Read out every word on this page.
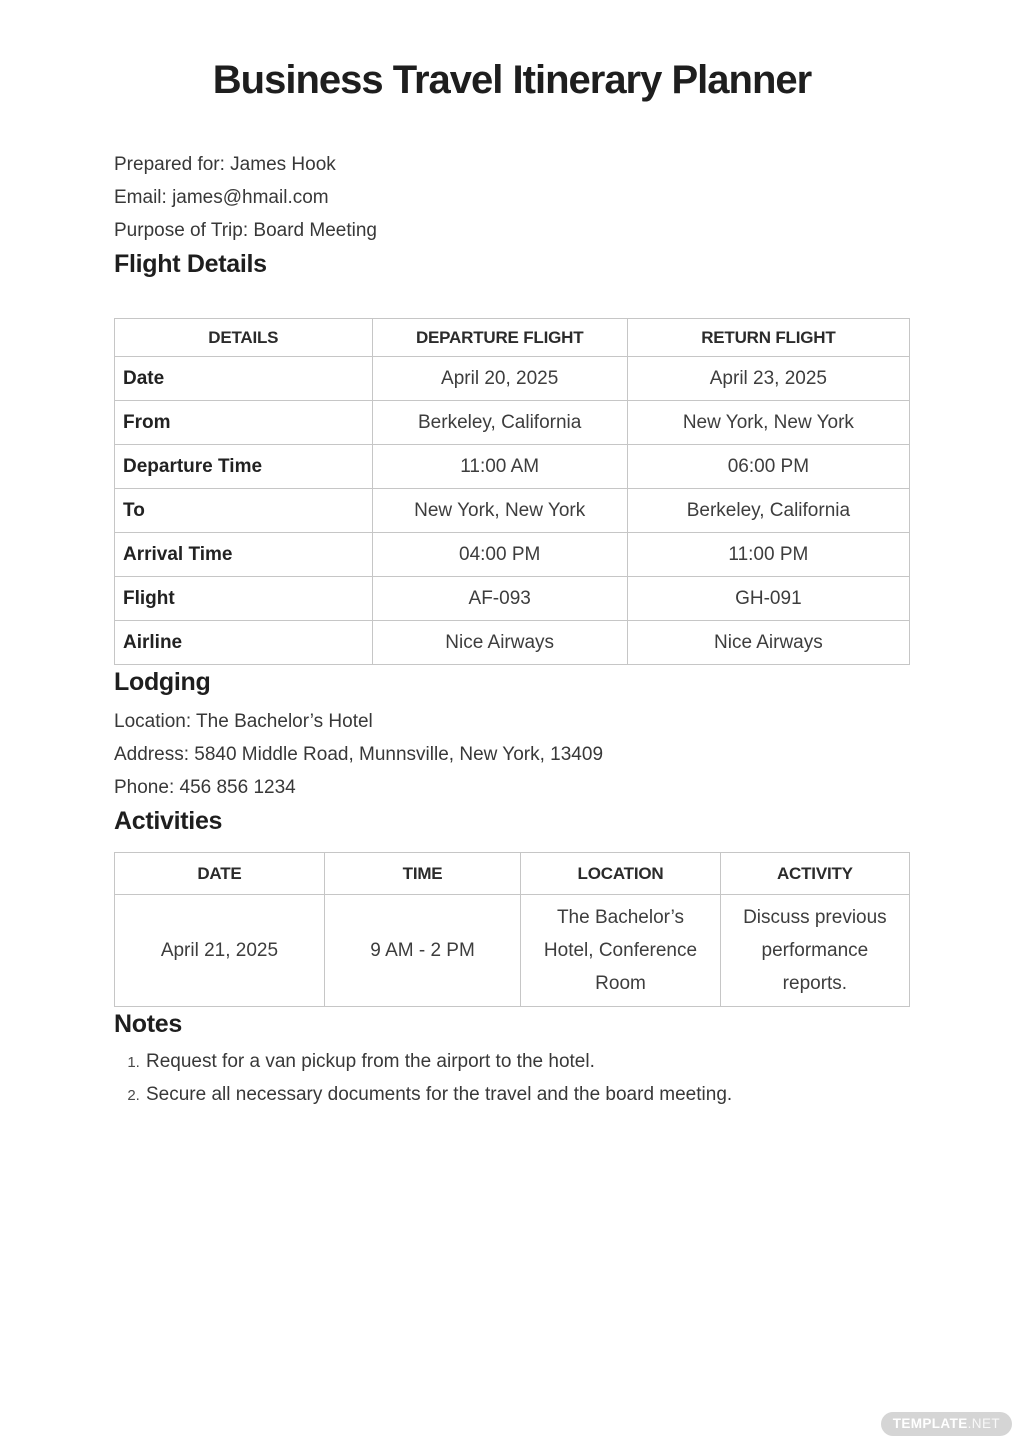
Business Travel Itinerary Planner

Prepared for: James Hook

Email: james@hmail.com

Purpose of Trip: Board Meeting

Flight Details
DETAILS	DEPARTURE FLIGHT	RETURN FLIGHT
Date	April 20, 2025	April 23, 2025
From	Berkeley, California	New York, New York
Departure Time	11:00 AM	06:00 PM
To	New York, New York	Berkeley, California
Arrival Time	04:00 PM	11:00 PM
Flight	AF-093	GH-091
Airline	Nice Airways	Nice Airways
Lodging

Location: The Bachelor’s Hotel

Address: 5840 Middle Road, Munnsville, New York, 13409

Phone: 456 856 1234

Activities
DATE	TIME	LOCATION	ACTIVITY
April 21, 2025	9 AM - 2 PM	The Bachelor’s Hotel, Conference Room	Discuss previous performance reports.
Notes
1. Request for a van pickup from the airport to the hotel.
2. Secure all necessary documents for the travel and the board meeting.
TEMPLATE.NET
